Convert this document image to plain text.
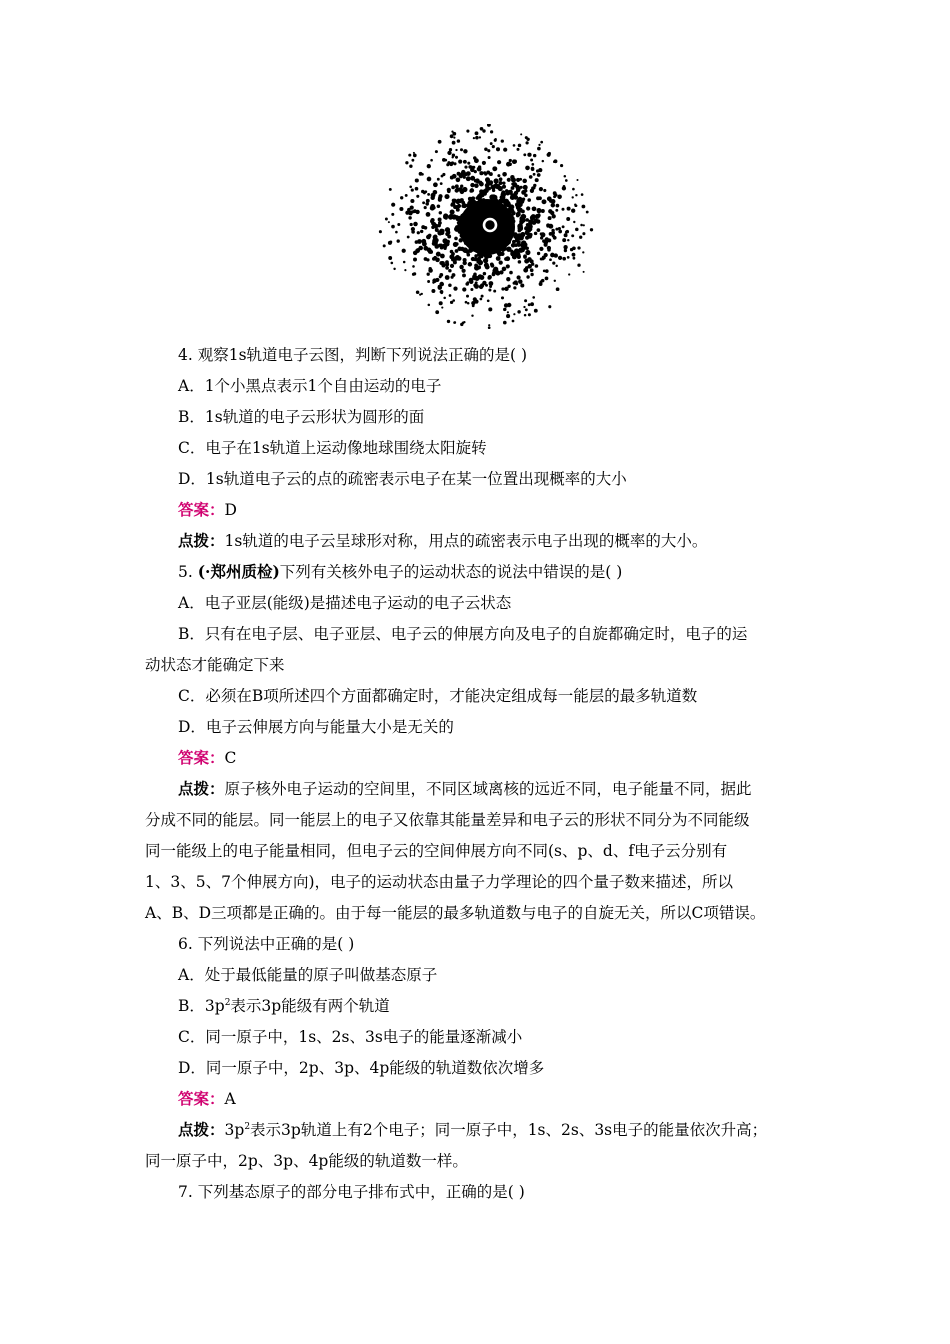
4. 观察1s轨道电子云图，判断下列说法正确的是( )
A．1个小黑点表示1个自由运动的电子
B．1s轨道的电子云形状为圆形的面
C．电子在1s轨道上运动像地球围绕太阳旋转
D．1s轨道电子云的点的疏密表示电子在某一位置出现概率的大小
答案：D
点拨：1s轨道的电子云呈球形对称，用点的疏密表示电子出现的概率的大小。
5. (·郑州质检)下列有关核外电子的运动状态的说法中错误的是( )
A．电子亚层(能级)是描述电子运动的电子云状态
B．只有在电子层、电子亚层、电子云的伸展方向及电子的自旋都确定时，电子的运
动状态才能确定下来
C．必须在B项所述四个方面都确定时，才能决定组成每一能层的最多轨道数
D．电子云伸展方向与能量大小是无关的
答案：C
点拨：原子核外电子运动的空间里，不同区域离核的远近不同，电子能量不同，据此
分成不同的能层。同一能层上的电子又依靠其能量差异和电子云的形状不同分为不同能级
同一能级上的电子能量相同，但电子云的空间伸展方向不同(s、p、d、f电子云分别有
1、3、5、7个伸展方向)，电子的运动状态由量子力学理论的四个量子数来描述，所以
A、B、D三项都是正确的。由于每一能层的最多轨道数与电子的自旋无关，所以C项错误。
6. 下列说法中正确的是( )
A．处于最低能量的原子叫做基态原子
B．$3p^2$表示3p能级有两个轨道
C．同一原子中，1s、2s、3s电子的能量逐渐减小
D．同一原子中，2p、3p、4p能级的轨道数依次增多
答案：A
点拨：$3p^2$表示3p轨道上有2个电子；同一原子中，1s、2s、3s电子的能量依次升高；
同一原子中，2p、3p、4p能级的轨道数一样。
7. 下列基态原子的部分电子排布式中，正确的是( )
